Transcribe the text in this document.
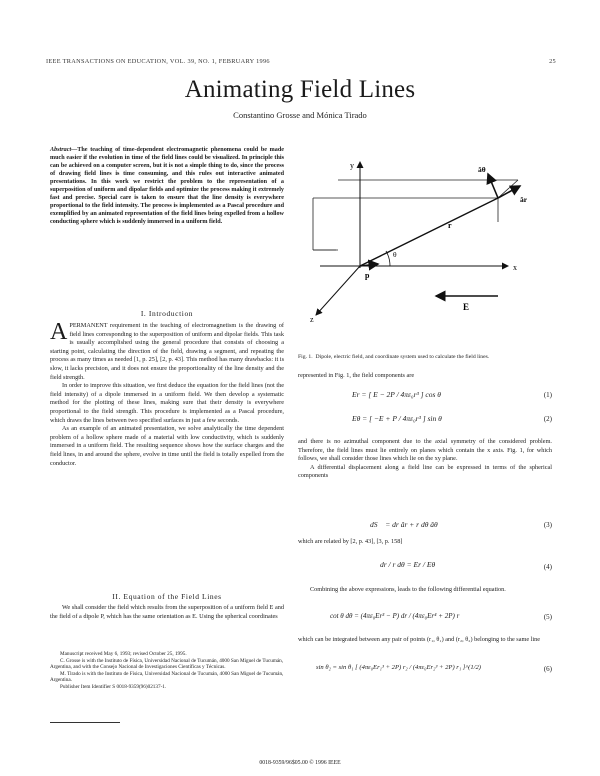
IEEE TRANSACTIONS ON EDUCATION, VOL. 39, NO. 1, FEBRUARY 1996	25
Animating Field Lines
Constantino Grosse and Mónica Tirado
Abstract—The teaching of time-dependent electromagnetic phenomena could be made much easier if the evolution in time of the field lines could be visualized. In principle this can be achieved on a computer screen, but it is not a simple thing to do, since the process of drawing field lines is time consuming, and this rules out interactive animated presentations. In this work we restrict the problem to the representation of a superposition of uniform and dipolar fields and optimize the process making it extremely fast and precise. Special care is taken to ensure that the line density is everywhere proportional to the field intensity. The process is implemented as a Pascal procedure and exemplified by an animated representation of the field lines being expelled from a hollow conducting sphere which is suddenly immersed in a uniform field.
I. Introduction

APERMANENT requirement in the teaching of electromagnetism is the drawing of field lines corresponding to the superposition of uniform and dipolar fields. This task is usually accomplished using the general procedure that consists of choosing a starting point, calculating the direction of the field, drawing a segment, and repeating the process as many times as needed [1, p. 25], [2, p. 43]. This method has many drawbacks: it is slow, it lacks precision, and it does not ensure the proportionality of the line density and the field strength.

In order to improve this situation, we first deduce the equation for the field lines (not the field intensity) of a dipole immersed in a uniform field. We then develop a systematic method for the plotting of these lines, making sure that their density is everywhere proportional to the field strength. This procedure is implemented as a Pascal procedure, which draws the lines between two specified surfaces in just a few seconds.

As an example of an animated presentation, we solve analytically the time dependent problem of a hollow sphere made of a material with low conductivity, which is suddenly immersed in a uniform field. The resulting sequence shows how the surface charges and the field lines, in and around the sphere, evolve in time until the field is totally expelled from the conductor.

II. Equation of the Field Lines

We shall consider the field which results from the superposition of a uniform field E and the field of a dipole P, which has the same orientation as E. Using the spherical coordinates

Manuscript received May 6, 1993; revised October 25, 1995.

C. Grosse is with the Instituto de Física, Universidad Nacional de Tucumán, 4000 San Miguel de Tucumán, Argentina, and with the Consejo Nacional de Investigaciones Científicas y Técnicas.

M. Tirado is with the Instituto de Física, Universidad Nacional de Tucumán, 4000 San Miguel de Tucumán, Argentina.

Publisher Item Identifier S 0018-9359(96)02137-1.

y
x
z
r
p
θ
E
âθ
âr
Fig. 1. Dipole, electric field, and coordinate system used to calculate the field lines.

represented in Fig. 1, the field components are

Er = [ E − 2P / 4πε₀r³ ] cos θ	(1)
Eθ = [ −E + P / 4πε₀r³ ] sin θ	(2)

and there is no azimuthal component due to the axial symmetry of the considered problem. Therefore, the field lines must lie entirely on planes which contain the x axis. Fig. 1, for which follows, we shall consider those lines which lie on the xy plane.

A differential displacement along a field line can be expressed in terms of the spherical components

dS⃗ = dr âr + r dθ âθ	(3)

which are related by [2, p. 43], [3, p. 158]

dr / r dθ = Er / Eθ	(4)

Combining the above expressions, leads to the following differential equation.

cot θ dθ = (4πε₀Er³ − P) dr / (4πε₀Er⁴ + 2P) r	(5)

which can be integrated between any pair of points (r₁, θ₁) and (r₂, θ₂) belonging to the same line

sin θ₂ = sin θ₁ [ (4πε₀Er₁³ + 2P) r₂ / (4πε₀Er₂³ + 2P) r₁ ]^(1/2)	(6)
0018-9359/96$05.00 © 1996 IEEE
